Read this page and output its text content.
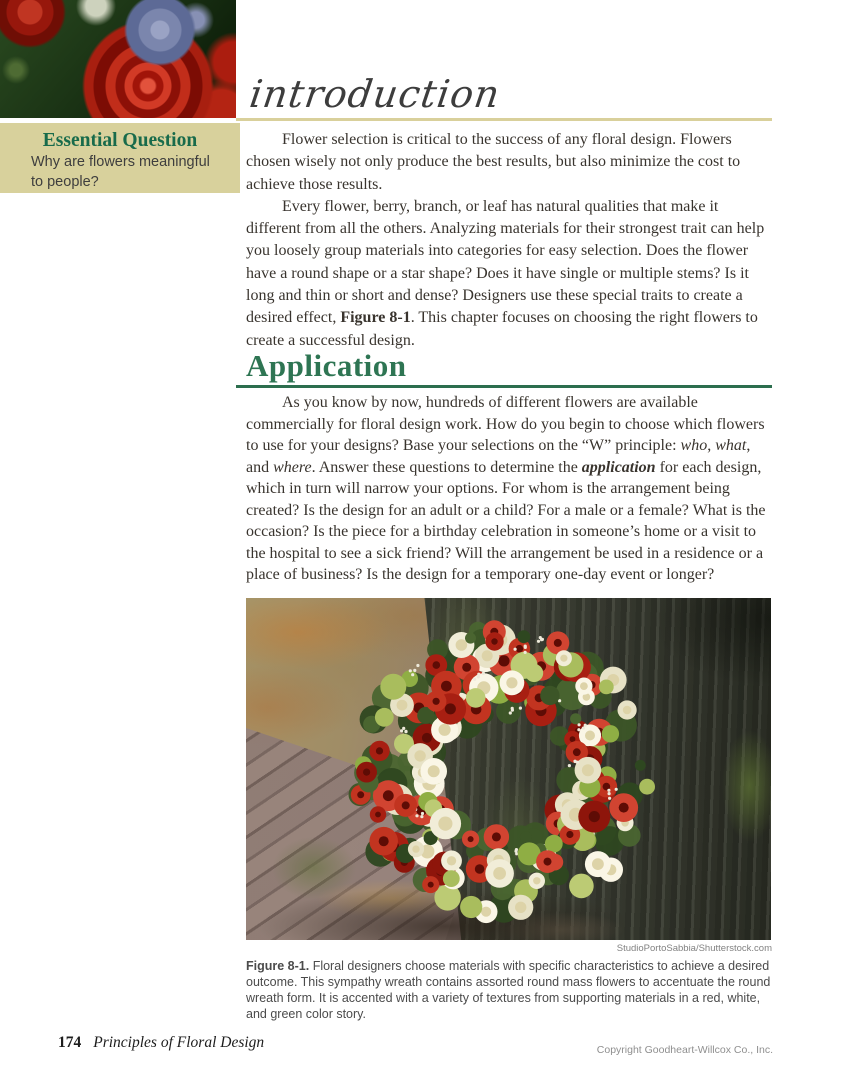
Essential Question

Why are flowers meaningful to people?

introduction

Flower selection is critical to the success of any floral design. Flowers chosen wisely not only produce the best results, but also minimize the cost to achieve those results.

Every flower, berry, branch, or leaf has natural qualities that make it different from all the others. Analyzing materials for their strongest trait can help you loosely group materials into categories for easy selection. Does the flower have a round shape or a star shape? Does it have single or multiple stems? Is it long and thin or short and dense? Designers use these special traits to create a desired effect, Figure 8-1. This chapter focuses on choosing the right flowers to create a successful design.

Application

As you know by now, hundreds of different flowers are available commercially for floral design work. How do you begin to choose which flowers to use for your designs? Base your selections on the “W” principle: who, what, and where. Answer these questions to determine the application for each design, which in turn will narrow your options. For whom is the arrangement being created? Is the design for an adult or a child? For a male or a female? What is the occasion? Is the piece for a birthday celebration in someone’s home or a visit to the hospital to see a sick friend? Will the arrangement be used in a residence or a place of business? Is the design for a temporary one-day event or longer?

StudioPortoSabbia/Shutterstock.com

Figure 8-1. Floral designers choose materials with specific characteristics to achieve a desired outcome. This sympathy wreath contains assorted round mass flowers to accentuate the round wreath form. It is accented with a variety of textures from supporting materials in a red, white, and green color story.

174 Principles of Floral Design	Copyright Goodheart-Willcox Co., Inc.
